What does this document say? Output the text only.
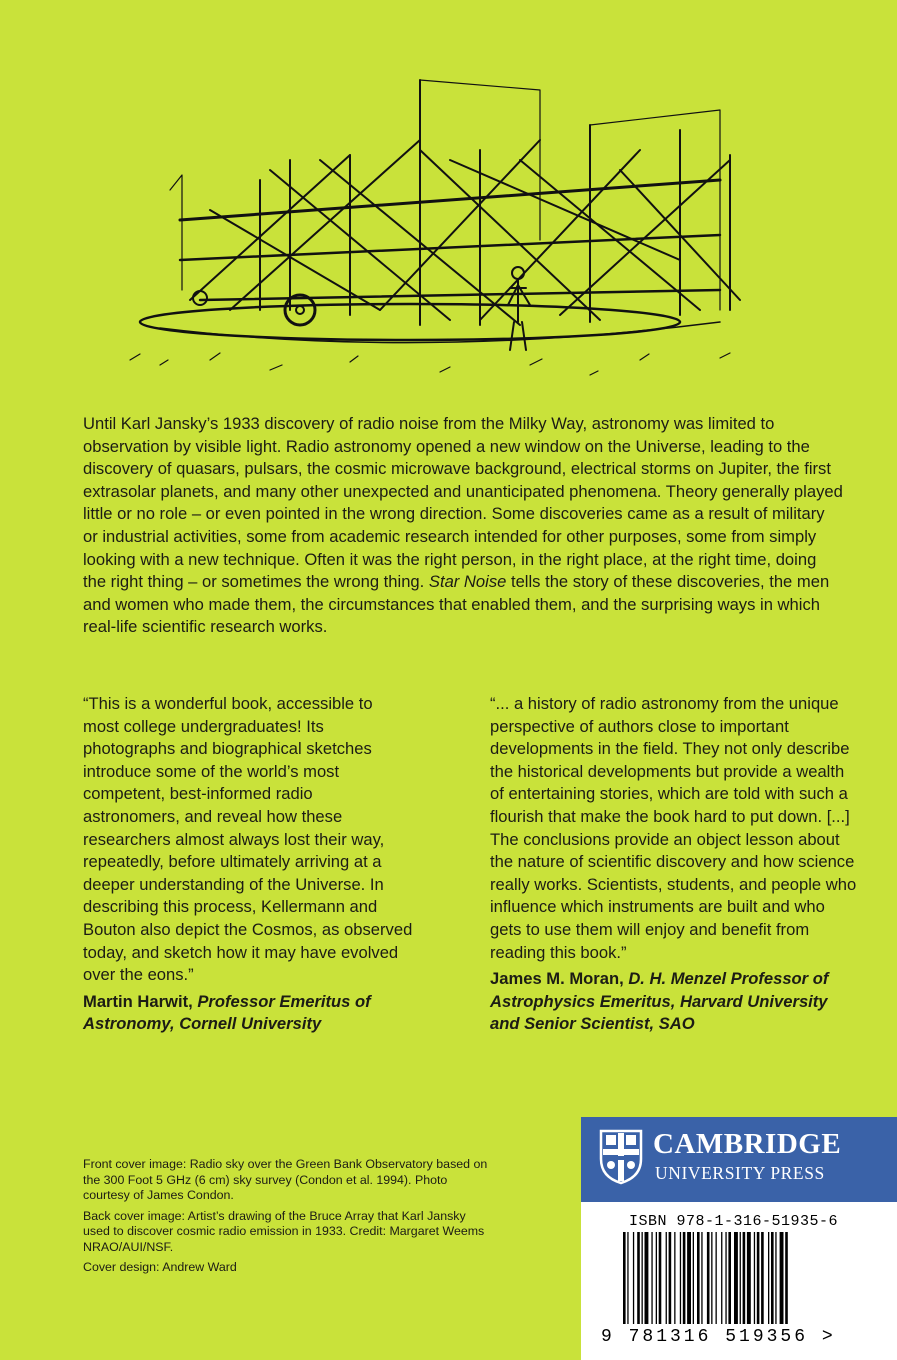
Until Karl Jansky’s 1933 discovery of radio noise from the Milky Way, astronomy was limited to observation by visible light. Radio astronomy opened a new window on the Universe, leading to the discovery of quasars, pulsars, the cosmic microwave background, electrical storms on Jupiter, the first extrasolar planets, and many other unexpected and unanticipated phenomena. Theory generally played little or no role – or even pointed in the wrong direction. Some discoveries came as a result of military or industrial activities, some from academic research intended for other purposes, some from simply looking with a new technique. Often it was the right person, in the right place, at the right time, doing the right thing – or sometimes the wrong thing. Star Noise tells the story of these discoveries, the men and women who made them, the circumstances that enabled them, and the surprising ways in which real-life scientific research works.

“This is a wonderful book, accessible to most college undergraduates! Its photographs and biographical sketches introduce some of the world’s most competent, best-informed radio astronomers, and reveal how these researchers almost always lost their way, repeatedly, before ultimately arriving at a deeper understanding of the Universe. In describing this process, Kellermann and Bouton also depict the Cosmos, as observed today, and sketch how it may have evolved over the eons.”

Martin Harwit, Professor Emeritus of Astronomy, Cornell University

“... a history of radio astronomy from the unique perspective of authors close to important developments in the field. They not only describe the historical developments but provide a wealth of entertaining stories, which are told with such a flourish that make the book hard to put down. [...] The conclusions provide an object lesson about the nature of scientific discovery and how science really works. Scientists, students, and people who influence which instruments are built and who gets to use them will enjoy and benefit from reading this book.”

James M. Moran, D. H. Menzel Professor of Astrophysics Emeritus, Harvard University and Senior Scientist, SAO

Front cover image: Radio sky over the Green Bank Observatory based on the 300 Foot 5 GHz (6 cm) sky survey (Condon et al. 1994). Photo courtesy of James Condon.

Back cover image: Artist’s drawing of the Bruce Array that Karl Jansky used to discover cosmic radio emission in 1933. Credit: Margaret Weems NRAO/AUI/NSF.

Cover design: Andrew Ward

CAMBRIDGE
UNIVERSITY PRESS
ISBN 978-1-316-51935-6
9 781316 519356 >
